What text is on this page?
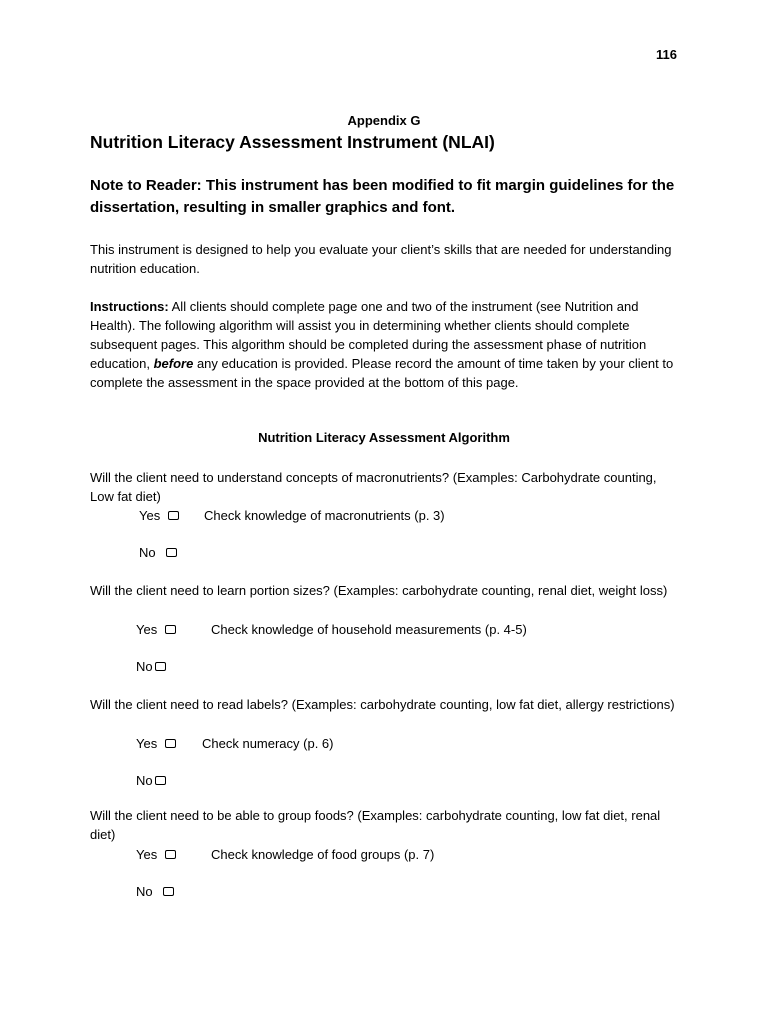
116
Appendix G
Nutrition Literacy Assessment Instrument (NLAI)
Note to Reader: This instrument has been modified to fit margin guidelines for the dissertation, resulting in smaller graphics and font.
This instrument is designed to help you evaluate your client’s skills that are needed for understanding nutrition education.
Instructions: All clients should complete page one and two of the instrument (see Nutrition and Health). The following algorithm will assist you in determining whether clients should complete subsequent pages. This algorithm should be completed during the assessment phase of nutrition education, before any education is provided. Please record the amount of time taken by your client to complete the assessment in the space provided at the bottom of this page.
Nutrition Literacy Assessment Algorithm
Will the client need to understand concepts of macronutrients? (Examples: Carbohydrate counting, Low fat diet)
Yes	Check knowledge of macronutrients (p. 3)
No
Will the client need to learn portion sizes? (Examples: carbohydrate counting, renal diet, weight loss)
Yes	Check knowledge of household measurements (p. 4-5)
No
Will the client need to read labels? (Examples: carbohydrate counting, low fat diet, allergy restrictions)
Yes	Check numeracy (p. 6)
No
Will the client need to be able to group foods? (Examples: carbohydrate counting, low fat diet, renal diet)
Yes	Check knowledge of food groups (p. 7)
No
